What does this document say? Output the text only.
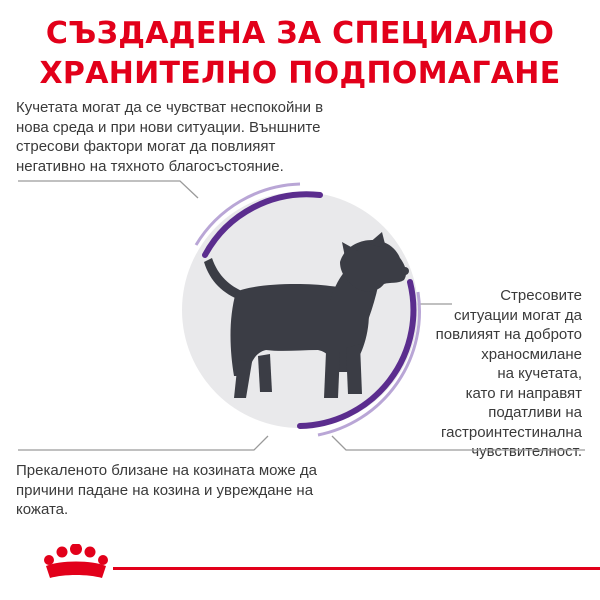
СЪЗДАДЕНА ЗА СПЕЦИАЛНО
ХРАНИТЕЛНО ПОДПОМАГАНЕ

Кучетата могат да се чувстват неспокойни в
нова среда и при нови ситуации. Външните
стресови фактори могат да повлияят
негативно на тяхното благосъстояние.

Стресовите
ситуации могат да
повлияят на доброто
храносмилане
на кучетата,
като ги направят
податливи на
гастроинтестинална
чувствителност.

Прекаленото близане на козината може да
причини падане на козина и увреждане на
кожата.
